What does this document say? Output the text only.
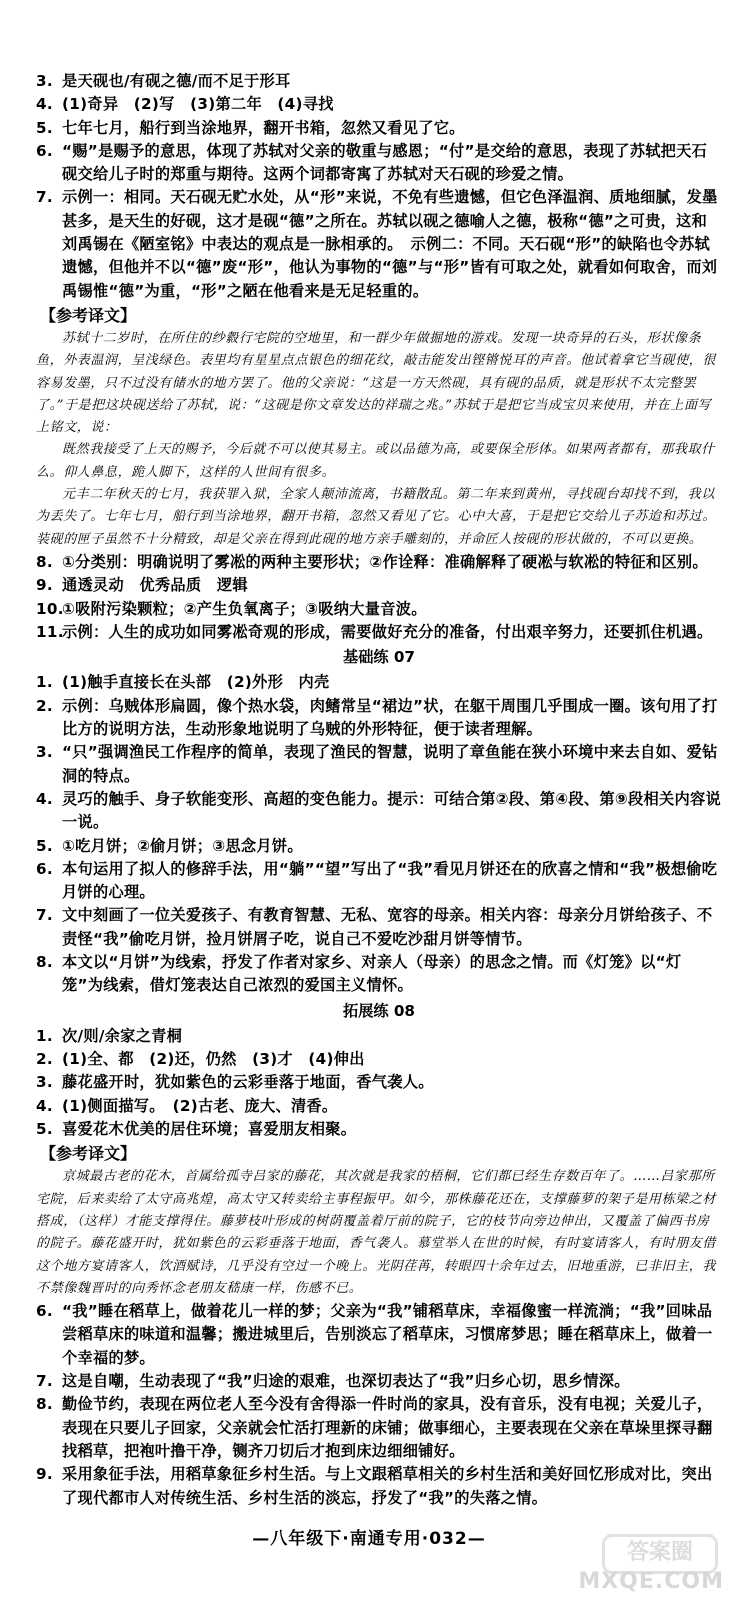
3. 是天砚也/有砚之德/而不足于形耳
4. (1)奇异　(2)写　(3)第二年　(4)寻找
5. 七年七月，船行到当涂地界，翻开书箱，忽然又看见了它。
6. “赐”是赐予的意思，体现了苏轼对父亲的敬重与感恩；“付”是交给的意思，表现了苏轼把天石砚交给儿子时的郑重与期待。这两个词都寄寓了苏轼对天石砚的珍爱之情。
7. 示例一：相同。天石砚无贮水处，从“形”来说，不免有些遗憾，但它色泽温润、质地细腻，发墨甚多，是天生的好砚，这才是砚“德”之所在。苏轼以砚之德喻人之德，极称“德”之可贵，这和刘禹锡在《陋室铭》中表达的观点是一脉相承的。　示例二：不同。天石砚“形”的缺陷也令苏轼遗憾，但他并不以“德”废“形”，他认为事物的“德”与“形”皆有可取之处，就看如何取舍，而刘禹锡惟“德”为重，“形”之陋在他看来是无足轻重的。
【参考译文】

苏轼十二岁时，在所住的纱縠行宅院的空地里，和一群少年做掘地的游戏。发现一块奇异的石头，形状像条鱼，外表温润，呈浅绿色。表里均有星星点点银色的细花纹，敲击能发出铿锵悦耳的声音。他试着拿它当砚使，很容易发墨，只不过没有储水的地方罢了。他的父亲说：“这是一方天然砚，具有砚的品质，就是形状不太完整罢了。”于是把这块砚送给了苏轼，说：“这砚是你文章发达的祥瑞之兆。”苏轼于是把它当成宝贝来使用，并在上面写上铭文，说：

既然我接受了上天的赐予，今后就不可以使其易主。或以品德为高，或要保全形体。如果两者都有，那我取什么。仰人鼻息，跪人脚下，这样的人世间有很多。

元丰二年秋天的七月，我获罪入狱，全家人颠沛流离，书籍散乱。第二年来到黄州，寻找砚台却找不到，我以为丢失了。七年七月，船行到当涂地界，翻开书箱，忽然又看见了它。心中大喜，于是把它交给儿子苏迨和苏过。装砚的匣子虽然不十分精致，却是父亲在得到此砚的地方亲手雕刻的，并命匠人按砚的形状做的，不可以更换。

8. ①分类别：明确说明了雾凇的两种主要形状；②作诠释：准确解释了硬凇与软凇的特征和区别。
9. 通透灵动　优秀品质　逻辑
10.
①吸附污染颗粒；②产生负氧离子；③吸纳大量音波。
11.
示例：人生的成功如同雾凇奇观的形成，需要做好充分的准备，付出艰辛努力，还要抓住机遇。
基础练 07
1. (1)触手直接长在头部　(2)外形　内壳
2. 示例：乌贼体形扁圆，像个热水袋，肉鳍常呈“裙边”状，在躯干周围几乎围成一圈。该句用了打比方的说明方法，生动形象地说明了乌贼的外形特征，便于读者理解。
3. “只”强调渔民工作程序的简单，表现了渔民的智慧，说明了章鱼能在狭小环境中来去自如、爱钻洞的特点。
4. 灵巧的触手、身子软能变形、高超的变色能力。提示：可结合第②段、第④段、第⑨段相关内容说一说。
5. ①吃月饼；②偷月饼；③思念月饼。
6. 本句运用了拟人的修辞手法，用“躺”“望”写出了“我”看见月饼还在的欣喜之情和“我”极想偷吃月饼的心理。
7. 文中刻画了一位关爱孩子、有教育智慧、无私、宽容的母亲。相关内容：母亲分月饼给孩子、不责怪“我”偷吃月饼，捡月饼屑子吃，说自己不爱吃沙甜月饼等情节。
8. 本文以“月饼”为线索，抒发了作者对家乡、对亲人（母亲）的思念之情。而《灯笼》以“灯笼”为线索，借灯笼表达自己浓烈的爱国主义情怀。
拓展练 08
1. 次/则/余家之青桐
2. (1)全、都　(2)还，仍然　(3)才　(4)伸出
3. 藤花盛开时，犹如紫色的云彩垂落于地面，香气袭人。
4. (1)侧面描写。　(2)古老、庞大、清香。
5. 喜爱花木优美的居住环境；喜爱朋友相聚。
【参考译文】

京城最古老的花木，首属给孤寺吕家的藤花，其次就是我家的梧桐，它们都已经生存数百年了。……吕家那所宅院，后来卖给了太守高兆煌，高太守又转卖给主事程振甲。如今，那株藤花还在，支撑藤萝的架子是用栋梁之材搭成，（这样）才能支撑得住。藤萝枝叶形成的树荫覆盖着厅前的院子，它的枝节向旁边伸出，又覆盖了偏西书房的院子。藤花盛开时，犹如紫色的云彩垂落于地面，香气袭人。慕堂举人在世的时候，有时宴请客人，有时朋友借这个地方宴请客人，饮酒赋诗，几乎没有空过一个晚上。光阴荏苒，转眼四十余年过去，旧地重游，已非旧主，我不禁像魏晋时的向秀怀念老朋友嵇康一样，伤感不已。

6. “我”睡在稻草上，做着花儿一样的梦；父亲为“我”铺稻草床，幸福像蜜一样流淌；“我”回味品尝稻草床的味道和温馨；搬进城里后，告别淡忘了稻草床，习惯席梦思；睡在稻草床上，做着一个幸福的梦。
7. 这是自嘲，生动表现了“我”归途的艰难，也深切表达了“我”归乡心切，思乡情深。
8. 勤俭节约，表现在两位老人至今没有舍得添一件时尚的家具，没有音乐，没有电视；关爱儿子，表现在只要儿子回家，父亲就会忙活打理新的床铺；做事细心，主要表现在父亲在草垛里探寻翻找稻草，把袍叶撸干净，铡齐刀切后才抱到床边细细铺好。
9. 采用象征手法，用稻草象征乡村生活。与上文跟稻草相关的乡村生活和美好回忆形成对比，突出了现代都市人对传统生活、乡村生活的淡忘，抒发了“我”的失落之情。
—八年级下·南通专用·032—
答案圈
MXQE.COM
